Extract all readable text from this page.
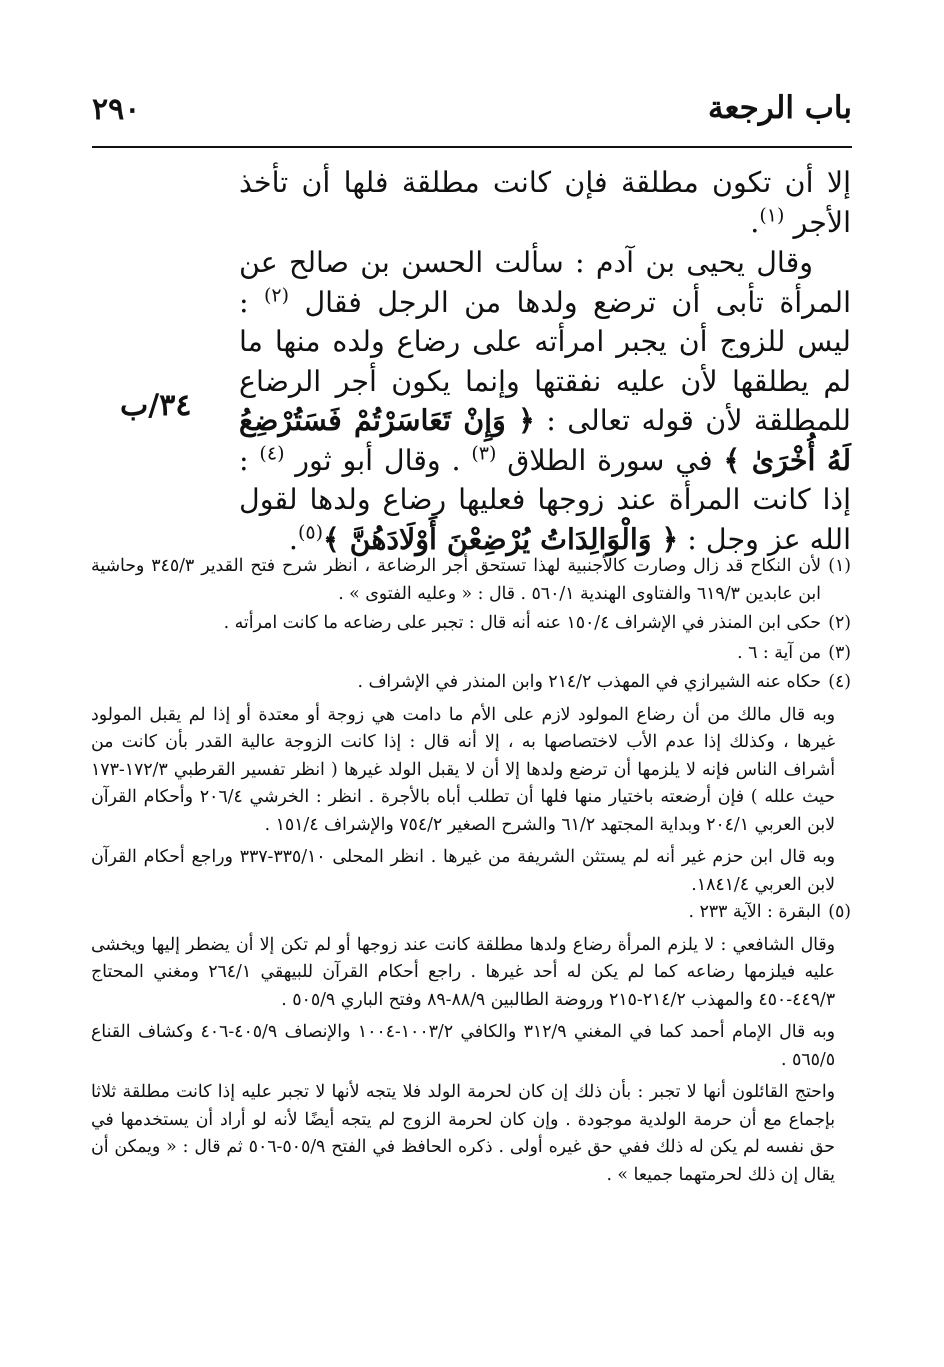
باب الرجعة
٢٩٠

إلا أن تكون مطلقة فإن كانت مطلقة فلها أن تأخذ الأجر $^{(١)}$.

وقال يحيى بن آدم : سألت الحسن بن صالح عن المرأة تأبى أن ترضع ولدها من الرجل فقال $^{(٢)}$ : ليس للزوج أن يجبر امرأته على رضاع ولده منها ما لم يطلقها لأن عليه نفقتها وإنما يكون أجر الرضاع للمطلقة لأن قوله تعالى : ﴿ وَإِنْ تَعَاسَرْتُمْ فَسَتُرْضِعُ لَهُ أُخْرَىٰ ﴾ في سورة الطلاق $^{(٣)}$ . وقال أبو ثور $^{(٤)}$ : إذا كانت المرأة عند زوجها فعليها رضاع ولدها لقول الله عز وجل : ﴿ وَالْوَالِدَاتُ يُرْضِعْنَ أَوْلَادَهُنَّ ﴾$^{(٥)}$.

٣٤/ب
(١)
لأن النكاح قد زال وصارت كالأجنبية لهذا تستحق أجر الرضاعة ، انظر شرح فتح القدير ٣٤٥/٣ وحاشية ابن عابدين ٦١٩/٣ والفتاوى الهندية ٥٦٠/١ . قال : « وعليه الفتوى » .
(٢)
حكى ابن المنذر في الإشراف ١٥٠/٤ عنه أنه قال : تجبر على رضاعه ما كانت امرأته .
(٣)
من آية : ٦ .
(٤)
حكاه عنه الشيرازي في المهذب ٢١٤/٢ وابن المنذر في الإشراف .

وبه قال مالك من أن رضاع المولود لازم على الأم ما دامت هي زوجة أو معتدة أو إذا لم يقبل المولود غيرها ، وكذلك إذا عدم الأب لاختصاصها به ، إلا أنه قال : إذا كانت الزوجة عالية القدر بأن كانت من أشراف الناس فإنه لا يلزمها أن ترضع ولدها إلا أن لا يقبل الولد غيرها ( انظر تفسير القرطبي ١٧٢/٣-١٧٣ حيث علله ) فإن أرضعته باختيار منها فلها أن تطلب أباه بالأجرة . انظر : الخرشي ٢٠٦/٤ وأحكام القرآن لابن العربي ٢٠٤/١ وبداية المجتهد ٦١/٢ والشرح الصغير ٧٥٤/٢ والإشراف ١٥١/٤ .

وبه قال ابن حزم غير أنه لم يستثن الشريفة من غيرها . انظر المحلى ٣٣٥/١٠-٣٣٧ وراجع أحكام القرآن لابن العربي ١٨٤١/٤.

(٥)
البقرة : الآية ٢٣٣ .

وقال الشافعي : لا يلزم المرأة رضاع ولدها مطلقة كانت عند زوجها أو لم تكن إلا أن يضطر إليها ويخشى عليه فيلزمها رضاعه كما لم يكن له أحد غيرها . راجع أحكام القرآن للبيهقي ٢٦٤/١ ومغني المحتاج ٤٤٩/٣-٤٥٠ والمهذب ٢١٤/٢-٢١٥ وروضة الطالبين ٨٨/٩-٨٩ وفتح الباري ٥٠٥/٩ .

وبه قال الإمام أحمد كما في المغني ٣١٢/٩ والكافي ١٠٠٣/٢-١٠٠٤ والإنصاف ٤٠٥/٩-٤٠٦ وكشاف القناع ٥٦٥/٥ .

واحتج القائلون أنها لا تجبر : بأن ذلك إن كان لحرمة الولد فلا يتجه لأنها لا تجبر عليه إذا كانت مطلقة ثلاثا بإجماع مع أن حرمة الولدية موجودة . وإن كان لحرمة الزوج لم يتجه أيضًا لأنه لو أراد أن يستخدمها في حق نفسه لم يكن له ذلك ففي حق غيره أولى . ذكره الحافظ في الفتح ٥٠٥/٩-٥٠٦ ثم قال : « ويمكن أن يقال إن ذلك لحرمتهما جميعا » .
